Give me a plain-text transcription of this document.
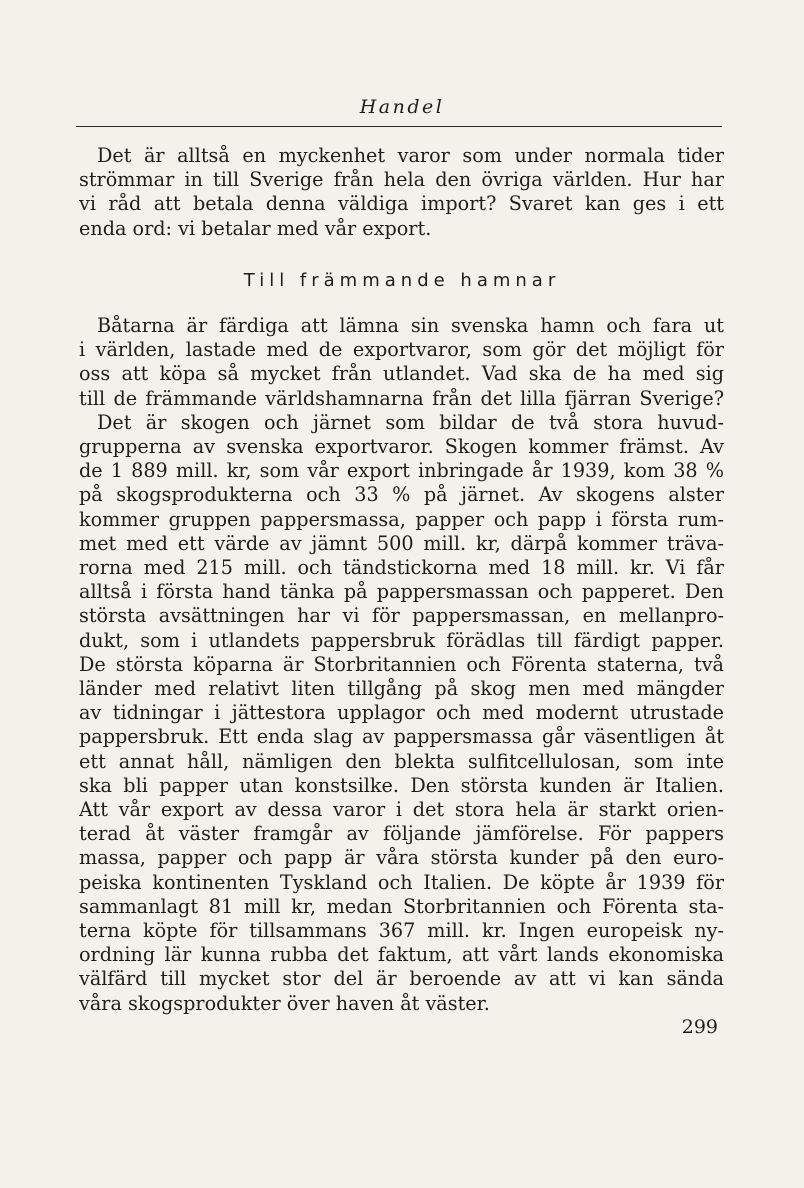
Handel
Det är alltså en myckenhet varor som under normala tider
strömmar in till Sverige från hela den övriga världen. Hur har
vi råd att betala denna väldiga import? Svaret kan ges i ett
enda ord: vi betalar med vår export.
Till främmande hamnar
Båtarna är färdiga att lämna sin svenska hamn och fara ut
i världen, lastade med de exportvaror, som gör det möjligt för
oss att köpa så mycket från utlandet. Vad ska de ha med sig
till de främmande världshamnarna från det lilla fjärran Sverige?
Det är skogen och järnet som bildar de två stora huvud-
grupperna av svenska exportvaror. Skogen kommer främst. Av
de 1 889 mill. kr, som vår export inbringade år 1939, kom 38 %
på skogsprodukterna och 33 % på järnet. Av skogens alster
kommer gruppen pappersmassa, papper och papp i första rum-
met med ett värde av jämnt 500 mill. kr, därpå kommer träva-
rorna med 215 mill. och tändstickorna med 18 mill. kr. Vi får
alltså i första hand tänka på pappersmassan och papperet. Den
största avsättningen har vi för pappersmassan, en mellanpro-
dukt, som i utlandets pappersbruk förädlas till färdigt papper.
De största köparna är Storbritannien och Förenta staterna, två
länder med relativt liten tillgång på skog men med mängder
av tidningar i jättestora upplagor och med modernt utrustade
pappersbruk. Ett enda slag av pappersmassa går väsentligen åt
ett annat håll, nämligen den blekta sulfitcellulosan, som inte
ska bli papper utan konstsilke. Den största kunden är Italien.
Att vår export av dessa varor i det stora hela är starkt orien-
terad åt väster framgår av följande jämförelse. För pappers
massa, papper och papp är våra största kunder på den euro-
peiska kontinenten Tyskland och Italien. De köpte år 1939 för
sammanlagt 81 mill kr, medan Storbritannien och Förenta sta-
terna köpte för tillsammans 367 mill. kr. Ingen europeisk ny-
ordning lär kunna rubba det faktum, att vårt lands ekonomiska
välfärd till mycket stor del är beroende av att vi kan sända
våra skogsprodukter över haven åt väster.
299
